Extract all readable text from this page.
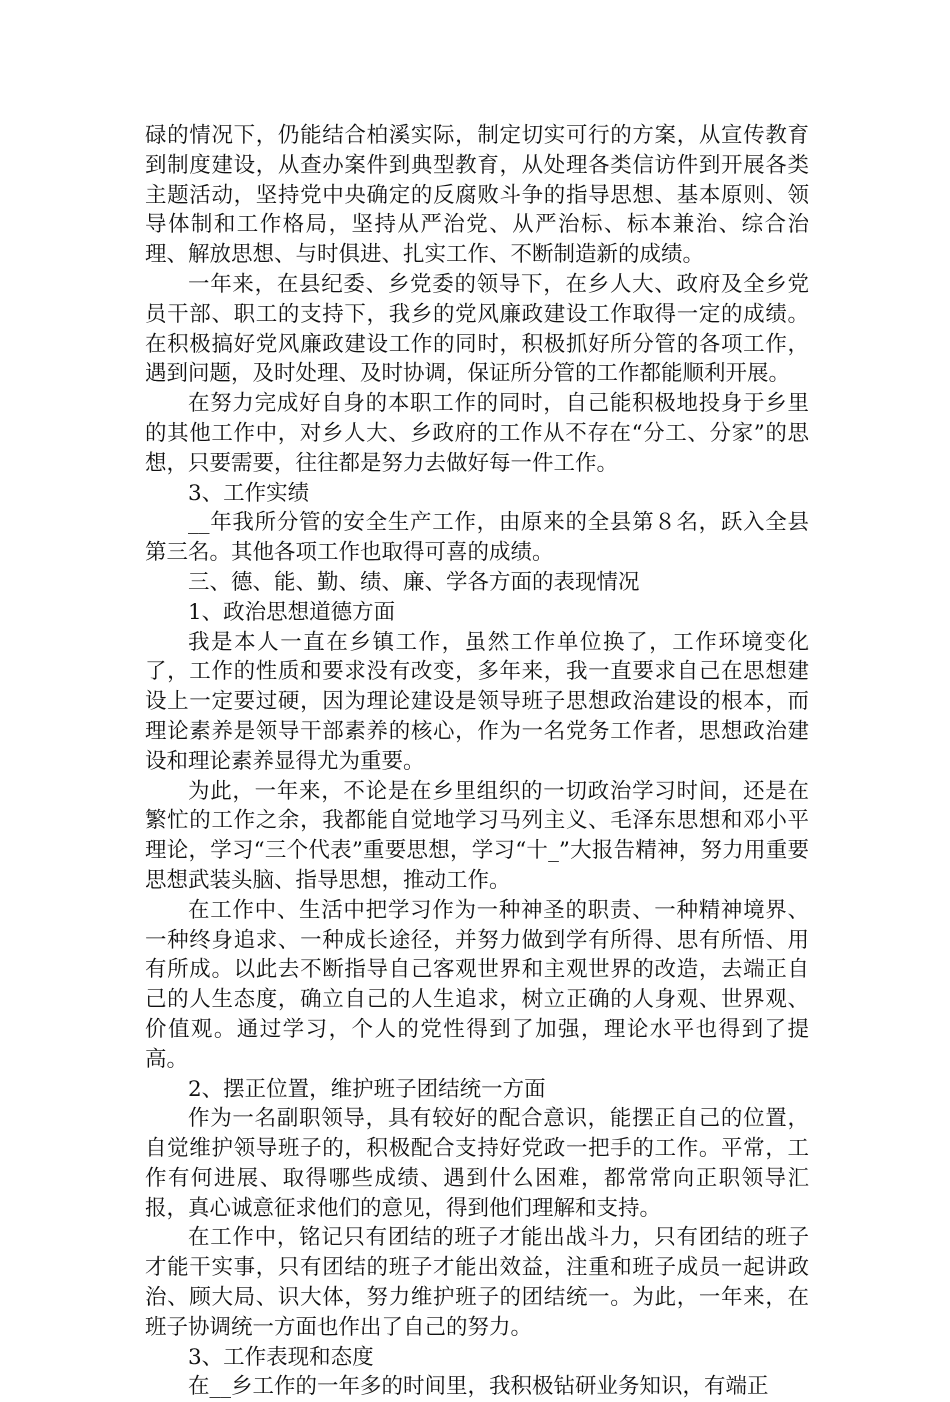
碌的情况下，仍能结合柏溪实际，制定切实可行的方案，从宣传教育到制度建设，从查办案件到典型教育，从处理各类信访件到开展各类主题活动，坚持党中央确定的反腐败斗争的指导思想、基本原则、领导体制和工作格局，坚持从严治党、从严治标、标本兼治、综合治理、解放思想、与时俱进、扎实工作、不断制造新的成绩。

一年来，在县纪委、乡党委的领导下，在乡人大、政府及全乡党员干部、职工的支持下，我乡的党风廉政建设工作取得一定的成绩。在积极搞好党风廉政建设工作的同时，积极抓好所分管的各项工作，遇到问题，及时处理、及时协调，保证所分管的工作都能顺利开展。

在努力完成好自身的本职工作的同时，自己能积极地投身于乡里的其他工作中，对乡人大、乡政府的工作从不存在“分工、分家”的思想，只要需要，往往都是努力去做好每一件工作。

3、工作实绩

__年我所分管的安全生产工作，由原来的全县第８名，跃入全县第三名。其他各项工作也取得可喜的成绩。

三、德、能、勤、绩、廉、学各方面的表现情况

1、政治思想道德方面

我是本人一直在乡镇工作，虽然工作单位换了，工作环境变化了，工作的性质和要求没有改变，多年来，我一直要求自己在思想建设上一定要过硬，因为理论建设是领导班子思想政治建设的根本，而理论素养是领导干部素养的核心，作为一名党务工作者，思想政治建设和理论素养显得尤为重要。

为此，一年来，不论是在乡里组织的一切政治学习时间，还是在繁忙的工作之余，我都能自觉地学习马列主义、毛泽东思想和邓小平理论，学习“三个代表”重要思想，学习“十_”大报告精神，努力用重要思想武装头脑、指导思想，推动工作。

在工作中、生活中把学习作为一种神圣的职责、一种精神境界、一种终身追求、一种成长途径，并努力做到学有所得、思有所悟、用有所成。以此去不断指导自己客观世界和主观世界的改造，去端正自己的人生态度，确立自己的人生追求，树立正确的人身观、世界观、价值观。通过学习，个人的党性得到了加强，理论水平也得到了提高。

2、摆正位置，维护班子团结统一方面

作为一名副职领导，具有较好的配合意识，能摆正自己的位置，自觉维护领导班子的，积极配合支持好党政一把手的工作。平常，工作有何进展、取得哪些成绩、遇到什么困难，都常常向正职领导汇报，真心诚意征求他们的意见，得到他们理解和支持。

在工作中，铭记只有团结的班子才能出战斗力，只有团结的班子才能干实事，只有团结的班子才能出效益，注重和班子成员一起讲政治、顾大局、识大体，努力维护班子的团结统一。为此，一年来，在班子协调统一方面也作出了自己的努力。

3、工作表现和态度

在__乡工作的一年多的时间里，我积极钻研业务知识，有端正
